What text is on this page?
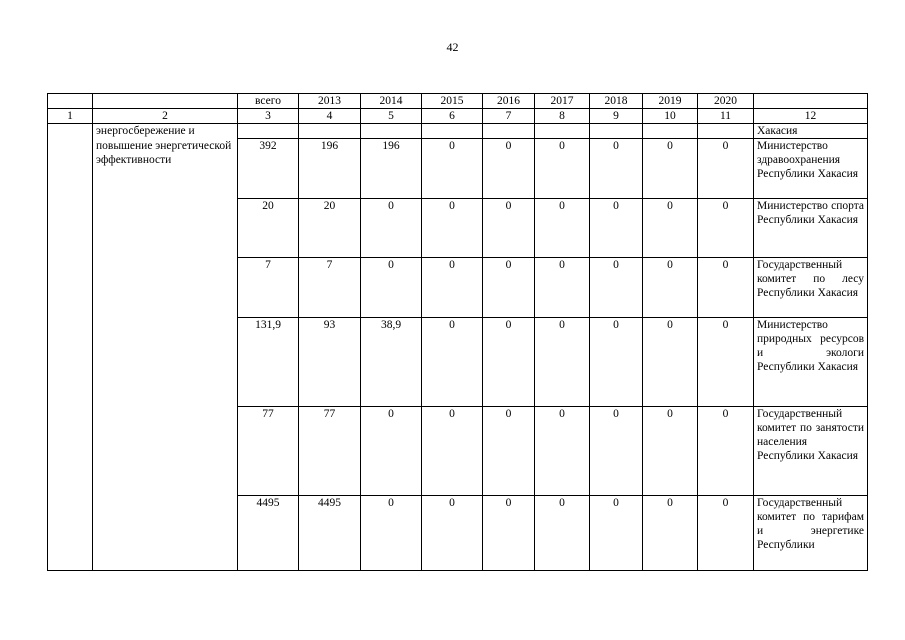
42
		всего	2013	2014	2015	2016	2017	2018	2019	2020	
1	2	3	4	5	6	7	8	9	10	11	12
	энергосбережение и										Хакасия
	повышение энергетической эффективности	392	196	196	0	0	0	0	0	0	Министерство здравоохранения Республики Хакасия
		20	20	0	0	0	0	0	0	0	Министерство спорта Республики Хакасия
		7	7	0	0	0	0	0	0	0	Государственный комитет по лесу Республики Хакасия
		131,9	93	38,9	0	0	0	0	0	0	Министерство природных ресурсов и экологи Республики Хакасия
		77	77	0	0	0	0	0	0	0	Государственный комитет по занятости населения Республики Хакасия
		4495	4495	0	0	0	0	0	0	0	Государственный комитет по тарифам и энергетике Республики
